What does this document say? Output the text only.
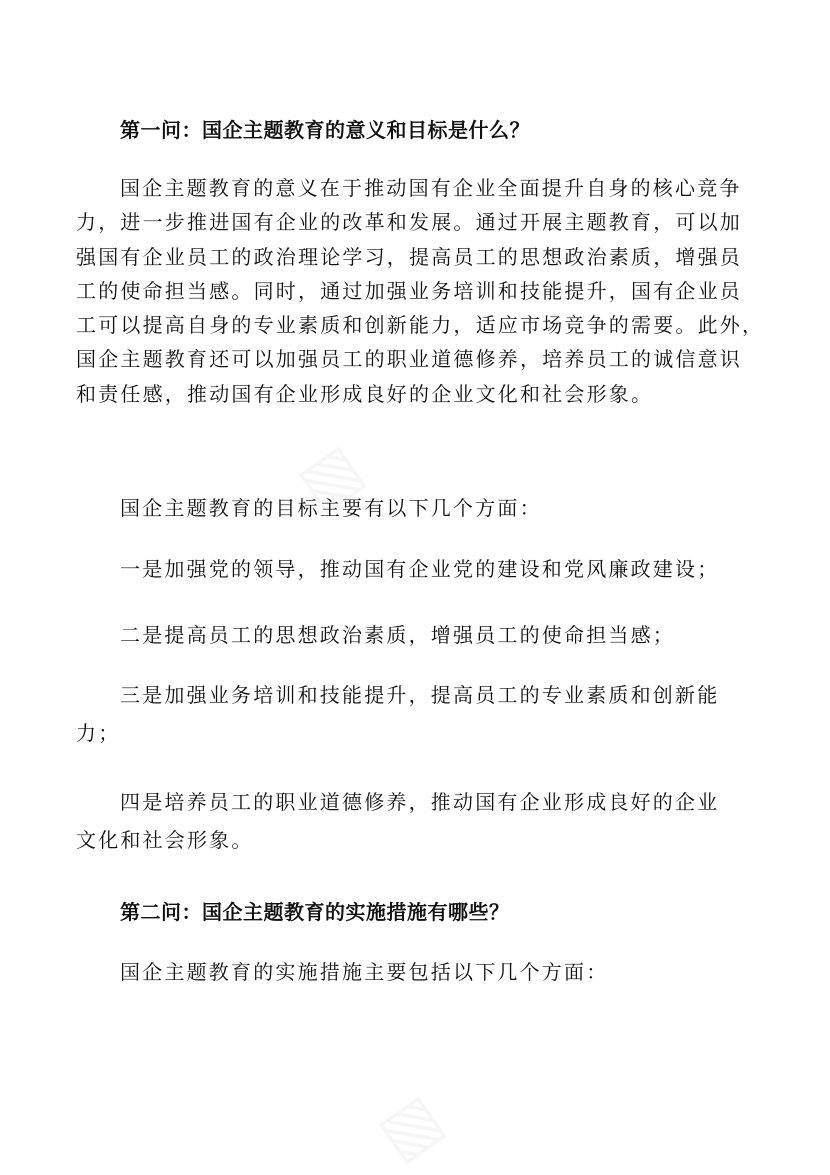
▧
▧
第一问：国企主题教育的意义和目标是什么？
国企主题教育的意义在于推动国有企业全面提升自身的核心竞争
力，进一步推进国有企业的改革和发展。通过开展主题教育，可以加
强国有企业员工的政治理论学习，提高员工的思想政治素质，增强员
工的使命担当感。同时，通过加强业务培训和技能提升，国有企业员
工可以提高自身的专业素质和创新能力，适应市场竞争的需要。此外，
国企主题教育还可以加强员工的职业道德修养，培养员工的诚信意识
和责任感，推动国有企业形成良好的企业文化和社会形象。
国企主题教育的目标主要有以下几个方面：
一是加强党的领导，推动国有企业党的建设和党风廉政建设；
二是提高员工的思想政治素质，增强员工的使命担当感；
三是加强业务培训和技能提升，提高员工的专业素质和创新能
力；
四是培养员工的职业道德修养，推动国有企业形成良好的企业
文化和社会形象。
第二问：国企主题教育的实施措施有哪些？
国企主题教育的实施措施主要包括以下几个方面：
